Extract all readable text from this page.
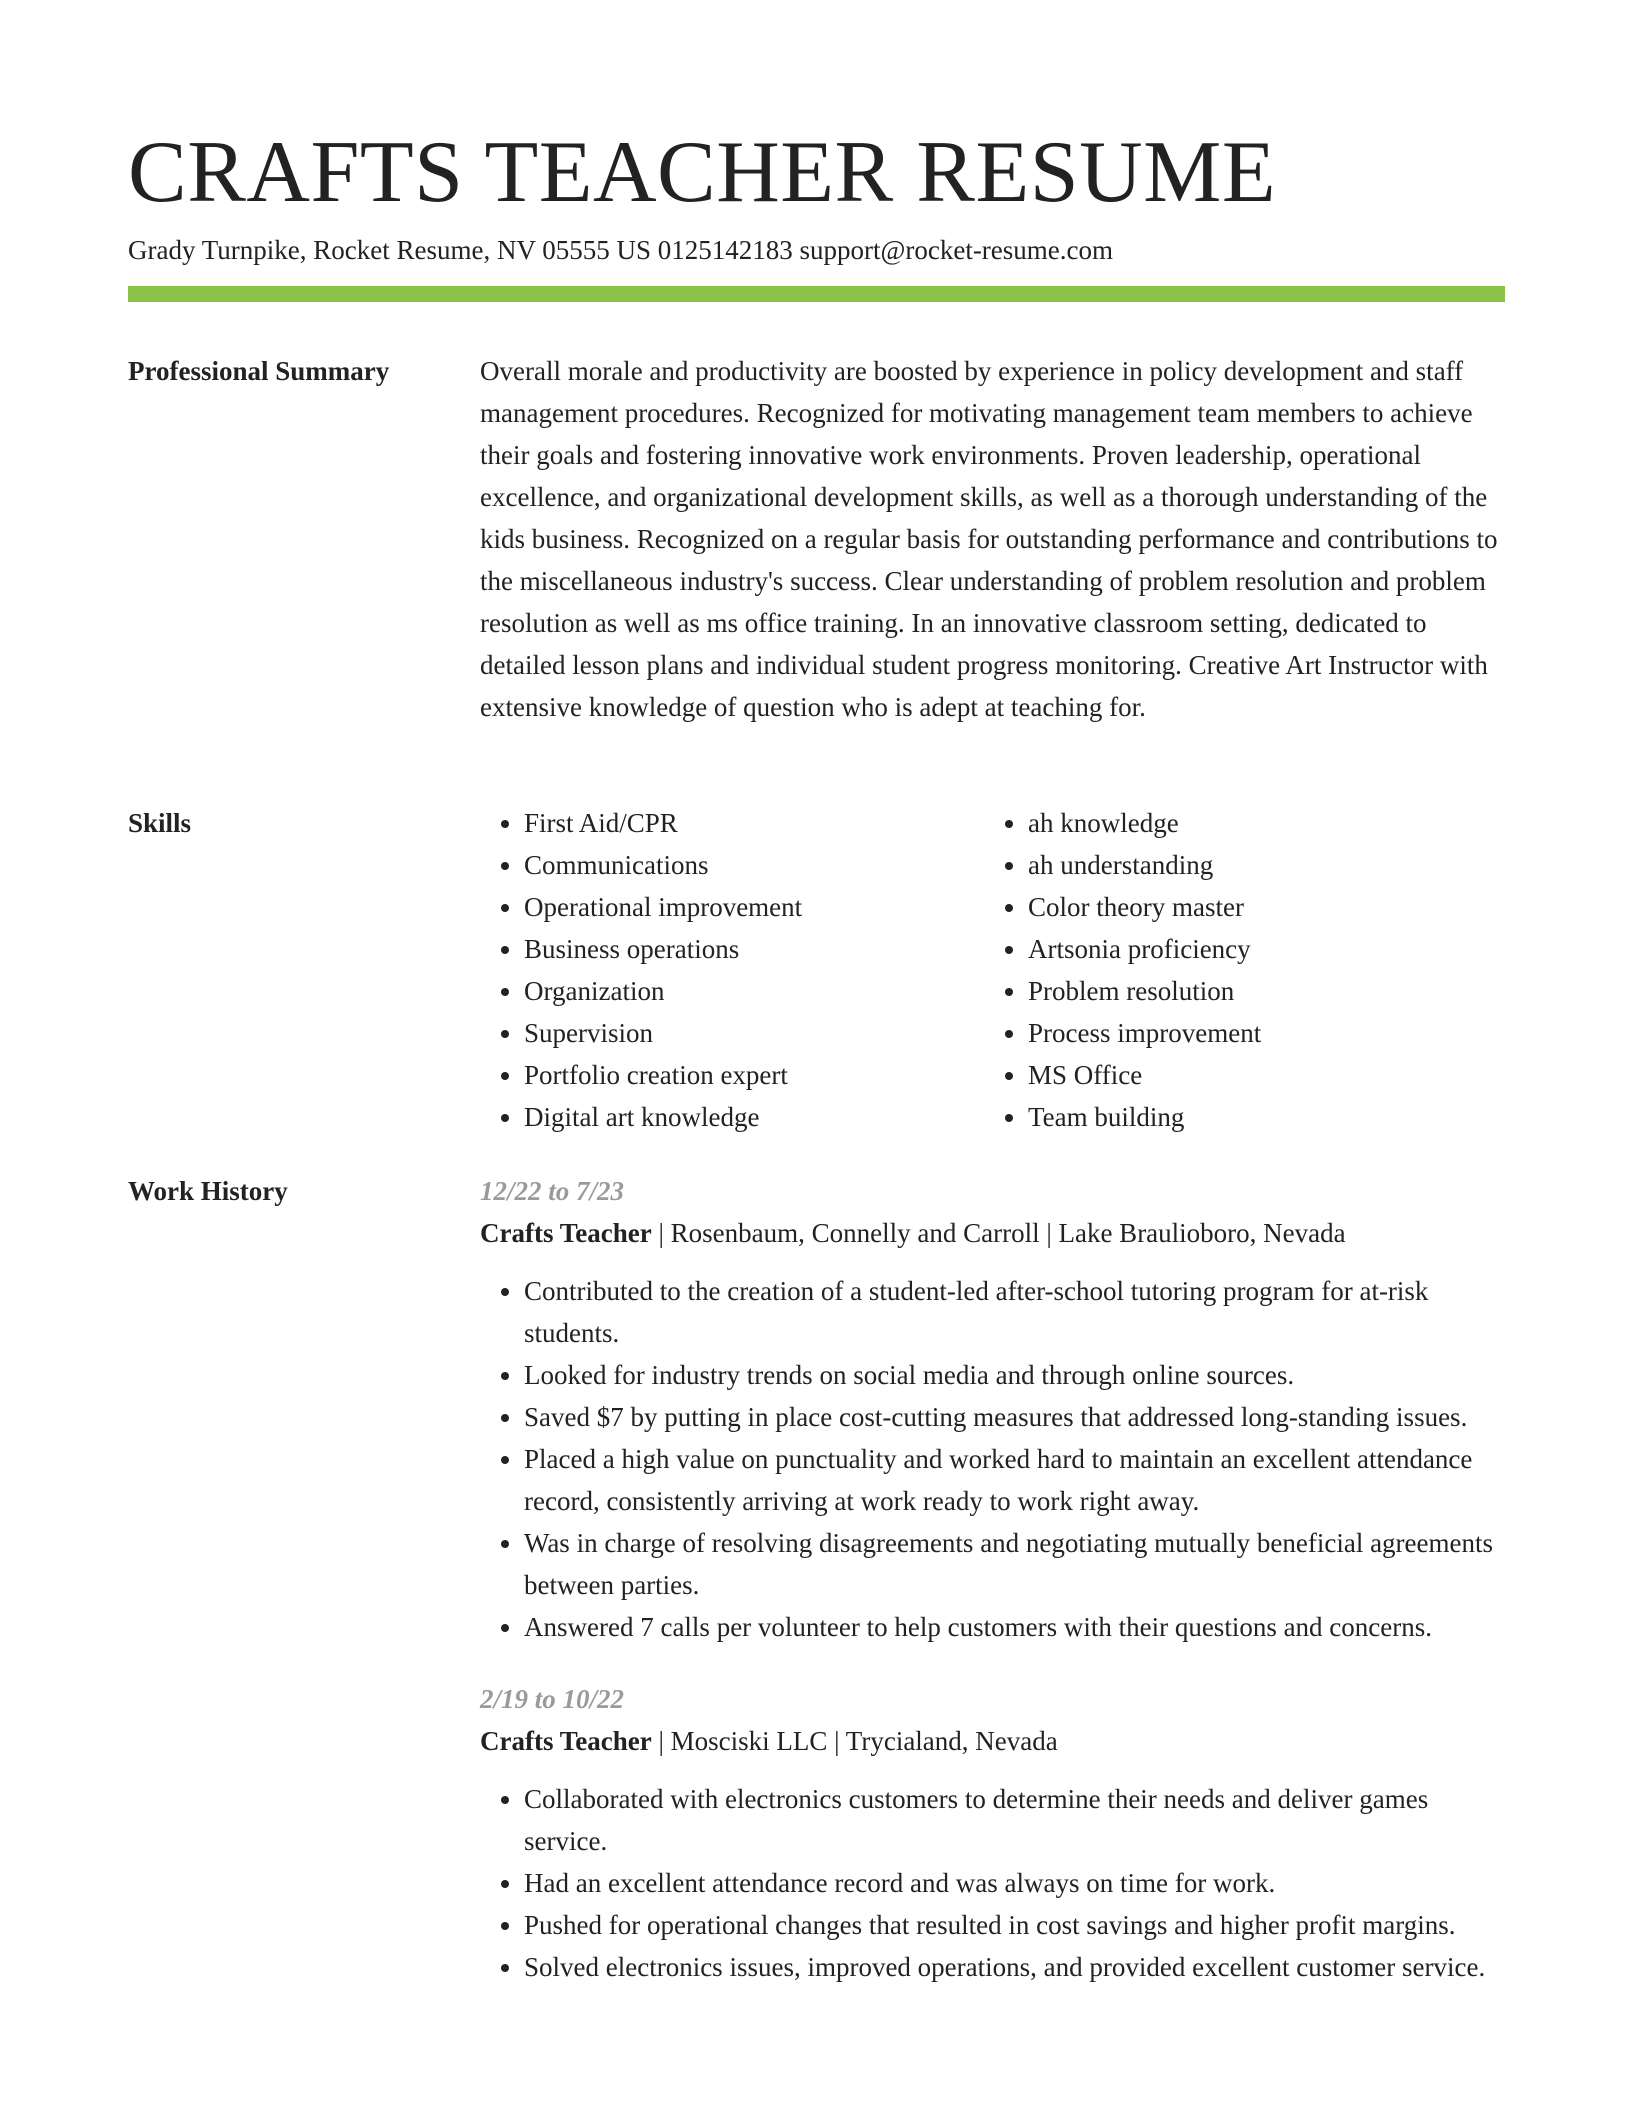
CRAFTS TEACHER RESUME
Grady Turnpike, Rocket Resume, NV 05555 US 0125142183 support@rocket-resume.com
Professional Summary	Overall morale and productivity are boosted by experience in policy development and staff management procedures. Recognized for motivating management team members to achieve their goals and fostering innovative work environments. Proven leadership, operational excellence, and organizational development skills, as well as a thorough understanding of the kids business. Recognized on a regular basis for outstanding performance and contributions to the miscellaneous industry's success. Clear understanding of problem resolution and problem resolution as well as ms office training. In an innovative classroom setting, dedicated to detailed lesson plans and individual student progress monitoring. Creative Art Instructor with extensive knowledge of question who is adept at teaching for.

Skills
•	First Aid/CPR
• Communications
• Operational improvement
• Business operations
• Organization
• Supervision
• Portfolio creation expert
• Digital art knowledge
• ah knowledge
• ah understanding
• Color theory master
• Artsonia proficiency
• Problem resolution
• Process improvement
• MS Office
• Team building
Work History	12/22 to 7/23
Crafts Teacher | Rosenbaum, Connelly and Carroll | Lake Braulioboro, Nevada
• Contributed to the creation of a student-led after-school tutoring program for at-risk students.
• Looked for industry trends on social media and through online sources.
• Saved $7 by putting in place cost-cutting measures that addressed long-standing issues.
• Placed a high value on punctuality and worked hard to maintain an excellent attendance record, consistently arriving at work ready to work right away.
• Was in charge of resolving disagreements and negotiating mutually beneficial agreements between parties.
• Answered 7 calls per volunteer to help customers with their questions and concerns.
2/19 to 10/22
Crafts Teacher | Mosciski LLC | Trycialand, Nevada
• Collaborated with electronics customers to determine their needs and deliver games service.
• Had an excellent attendance record and was always on time for work.
• Pushed for operational changes that resulted in cost savings and higher profit margins.
• Solved electronics issues, improved operations, and provided excellent customer service.
